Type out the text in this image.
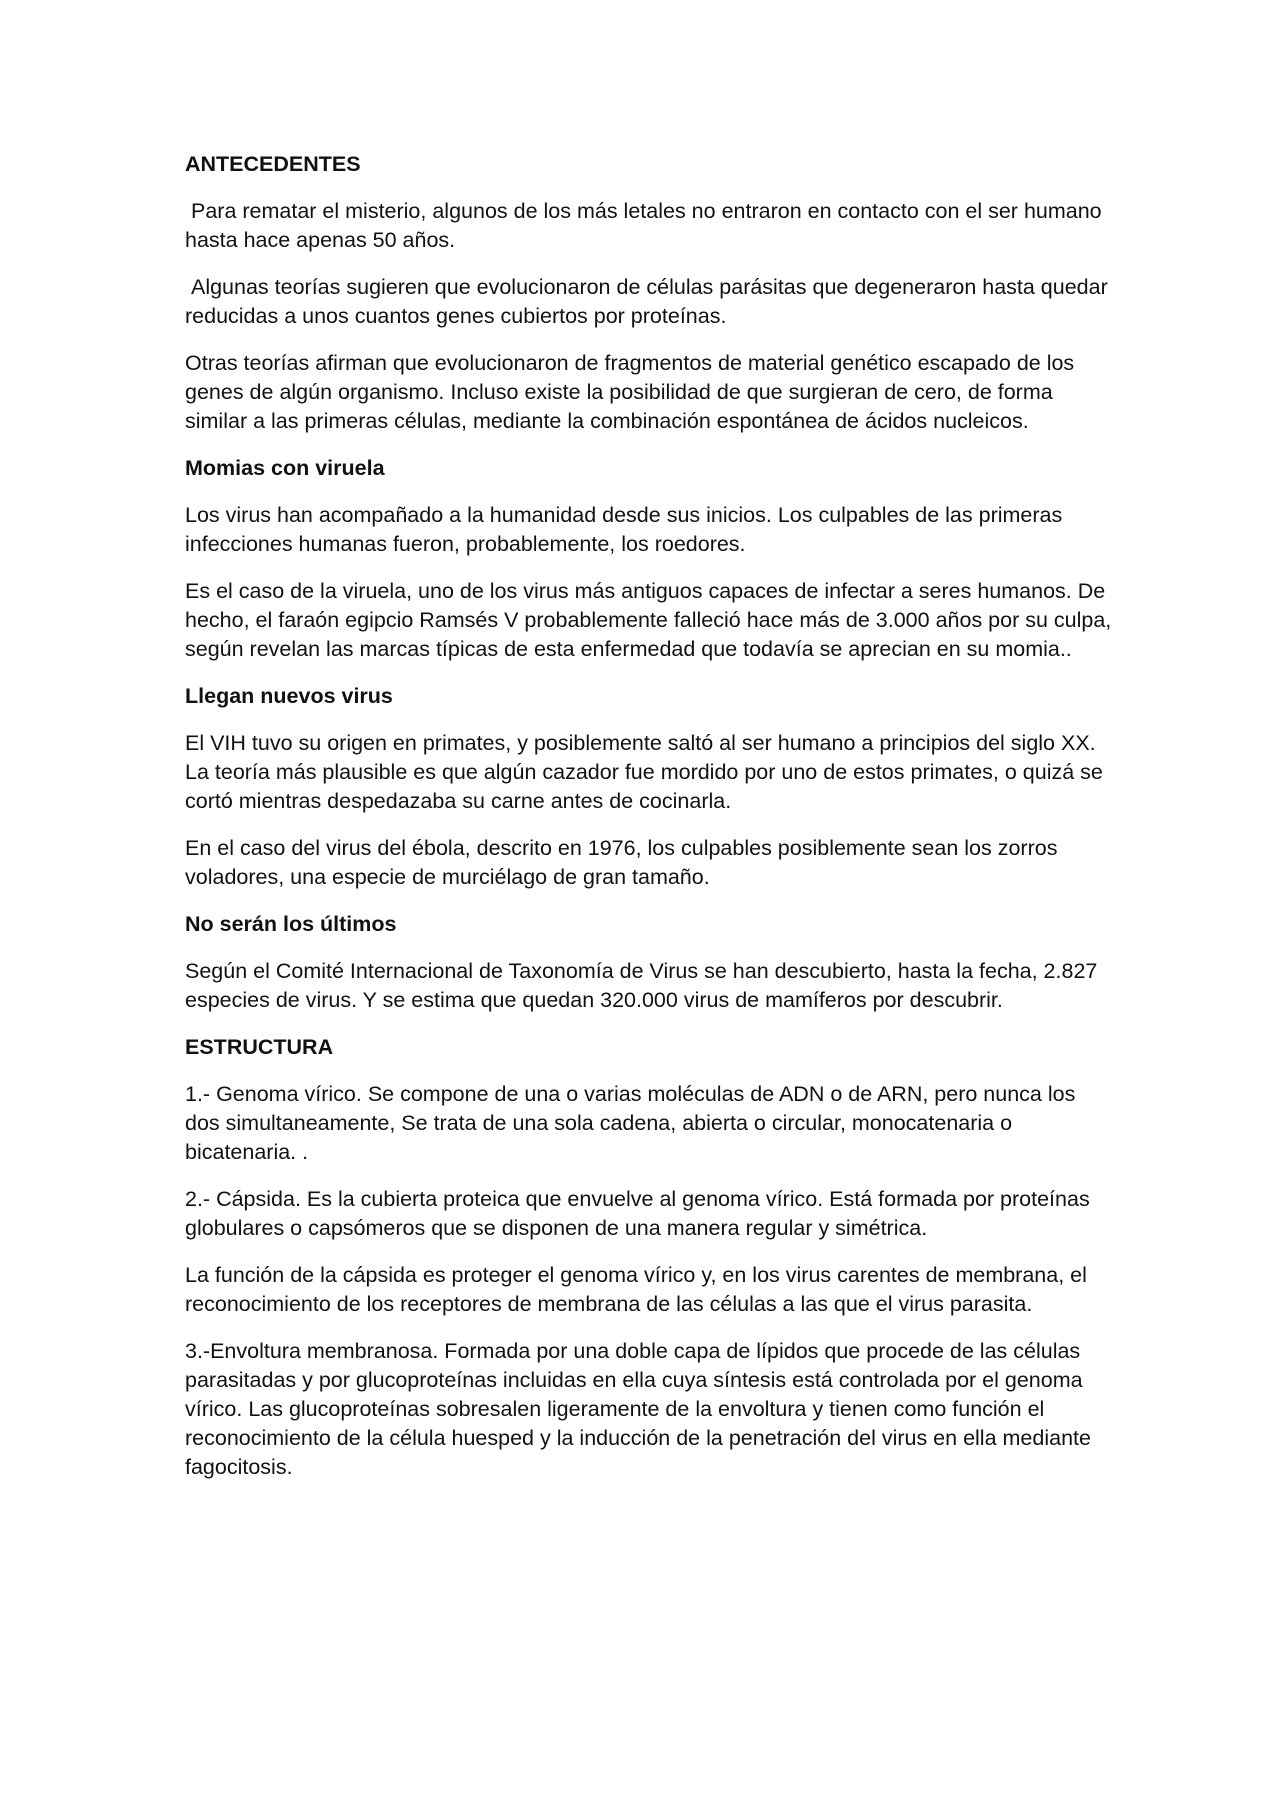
ANTECEDENTES

Para rematar el misterio, algunos de los más letales no entraron en contacto con el ser humano hasta hace apenas 50 años.

Algunas teorías sugieren que evolucionaron de células parásitas que degeneraron hasta quedar reducidas a unos cuantos genes cubiertos por proteínas.

Otras teorías afirman que evolucionaron de fragmentos de material genético escapado de los genes de algún organismo. Incluso existe la posibilidad de que surgieran de cero, de forma similar a las primeras células, mediante la combinación espontánea de ácidos nucleicos.

Momias con viruela

Los virus han acompañado a la humanidad desde sus inicios. Los culpables de las primeras infecciones humanas fueron, probablemente, los roedores.

Es el caso de la viruela, uno de los virus más antiguos capaces de infectar a seres humanos. De hecho, el faraón egipcio Ramsés V probablemente falleció hace más de 3.000 años por su culpa, según revelan las marcas típicas de esta enfermedad que todavía se aprecian en su momia..

Llegan nuevos virus

El VIH tuvo su origen en primates, y posiblemente saltó al ser humano a principios del siglo XX. La teoría más plausible es que algún cazador fue mordido por uno de estos primates, o quizá se cortó mientras despedazaba su carne antes de cocinarla.

En el caso del virus del ébola, descrito en 1976, los culpables posiblemente sean los zorros voladores, una especie de murciélago de gran tamaño.

No serán los últimos

Según el Comité Internacional de Taxonomía de Virus se han descubierto, hasta la fecha, 2.827 especies de virus. Y se estima que quedan 320.000 virus de mamíferos por descubrir.

ESTRUCTURA

1.- Genoma vírico. Se compone de una o varias moléculas de ADN o de ARN, pero nunca los dos simultaneamente, Se trata de una sola cadena, abierta o circular, monocatenaria o bicatenaria. .

2.- Cápsida. Es la cubierta proteica que envuelve al genoma vírico. Está formada por proteínas globulares o capsómeros que se disponen de una manera regular y simétrica.

La función de la cápsida es proteger el genoma vírico y, en los virus carentes de membrana, el reconocimiento de los receptores de membrana de las células a las que el virus parasita.

3.-Envoltura membranosa. Formada por una doble capa de lípidos que procede de las células parasitadas y por glucoproteínas incluidas en ella cuya síntesis está controlada por el genoma vírico. Las glucoproteínas sobresalen ligeramente de la envoltura y tienen como función el reconocimiento de la célula huesped y la inducción de la penetración del virus en ella mediante fagocitosis.
